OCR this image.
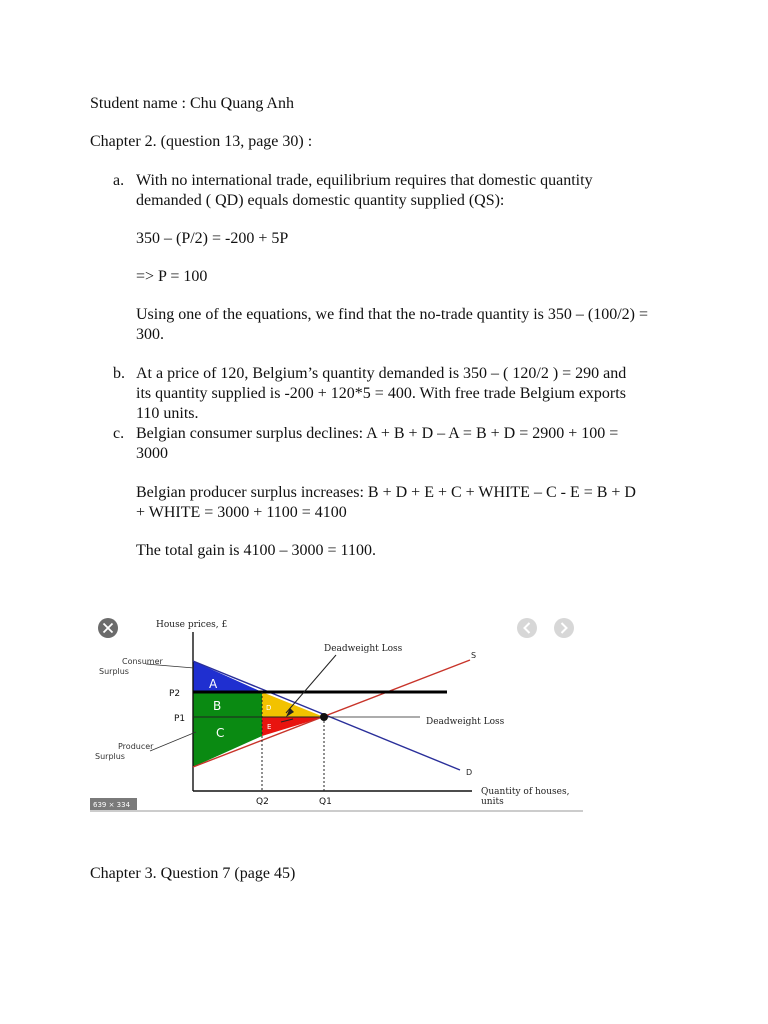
Student name : Chu Quang Anh

Chapter 2. (question 13, page 30) :

a. With no international trade, equilibrium requires that domestic quantity

demanded ( QD) equals domestic quantity supplied (QS):

350 – (P/2) = -200 + 5P

=> P = 100

Using one of the equations, we find that the no-trade quantity is 350 – (100/2) =

300.

b. At a price of 120, Belgium’s quantity demanded is 350 – ( 120/2 ) = 290 and

its quantity supplied is -200 + 120*5 = 400. With free trade Belgium exports

110 units.

c. Belgian consumer surplus declines: A + B + D – A = B + D = 2900 + 100 =

3000

Belgian producer surplus increases: B + D + E + C + WHITE – C - E = B + D

+ WHITE = 3000 + 1100 = 4100

The total gain is 4100 – 3000 = 1100.

House prices, £
Consumer
Surplus
Producer
Surplus
P2
P1
Q2	Q1
A
B
C
D
E
Deadweight Loss
Deadweight Loss
S
D
Quantity of houses,
units
639 × 334

Chapter 3. Question 7 (page 45)
